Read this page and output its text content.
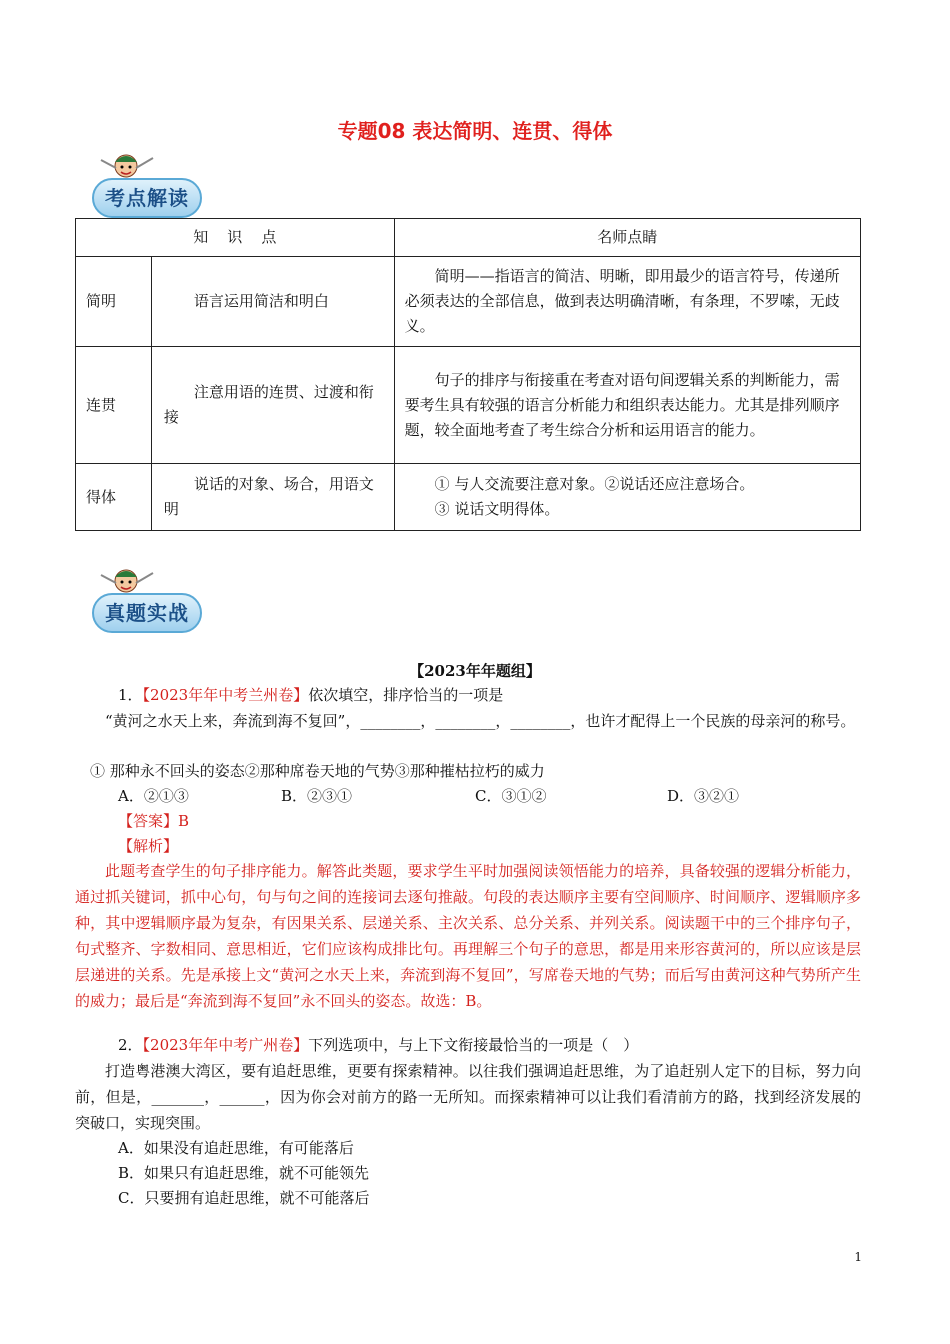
专题08 表达简明、连贯、得体
考点解读
知    识    点		名师点睛
简明	语言运用简洁和明白	简明——指语言的简洁、明晰，即用最少的语言符号，传递所必须表达的全部信息，做到表达明确清晰，有条理，不罗嗦，无歧义。
连贯	注意用语的连贯、过渡和衔接	句子的排序与衔接重在考查对语句间逻辑关系的判断能力，需要考生具有较强的语言分析能力和组织表达能力。尤其是排列顺序题，较全面地考查了考生综合分析和运用语言的能力。
得体	说话的对象、场合，用语文明	① 与人交流要注意对象。②说话还应注意场合。
③ 说话文明得体。
真题实战
【2023年年题组】
1．【2023年年中考兰州卷】依次填空，排序恰当的一项是
“黄河之水天上来，奔流到海不复回”，________，________，________，也许才配得上一个民族的母亲河的称号。
① 那种永不回头的姿态②那种席卷天地的气势③那种摧枯拉朽的威力
A．②①③	B．②③①	C．③①②	D．③②①
【答案】B
【解析】
此题考查学生的句子排序能力。解答此类题，要求学生平时加强阅读领悟能力的培养，具备较强的逻辑分析能力，通过抓关键词，抓中心句，句与句之间的连接词去逐句推敲。句段的表达顺序主要有空间顺序、时间顺序、逻辑顺序多种，其中逻辑顺序最为复杂，有因果关系、层递关系、主次关系、总分关系、并列关系。阅读题干中的三个排序句子，句式整齐、字数相同、意思相近，它们应该构成排比句。再理解三个句子的意思，都是用来形容黄河的，所以应该是层层递进的关系。先是承接上文“黄河之水天上来，奔流到海不复回”，写席卷天地的气势；而后写由黄河这种气势所产生的威力；最后是“奔流到海不复回”永不回头的姿态。故选：B。
2．【2023年年中考广州卷】下列选项中，与上下文衔接最恰当的一项是（　）
打造粤港澳大湾区，要有追赶思维，更要有探索精神。以往我们强调追赶思维，为了追赶别人定下的目标，努力向前，但是，_______，______，因为你会对前方的路一无所知。而探索精神可以让我们看清前方的路，找到经济发展的突破口，实现突围。
A．如果没有追赶思维，有可能落后
B．如果只有追赶思维，就不可能领先
C．只要拥有追赶思维，就不可能落后
1
